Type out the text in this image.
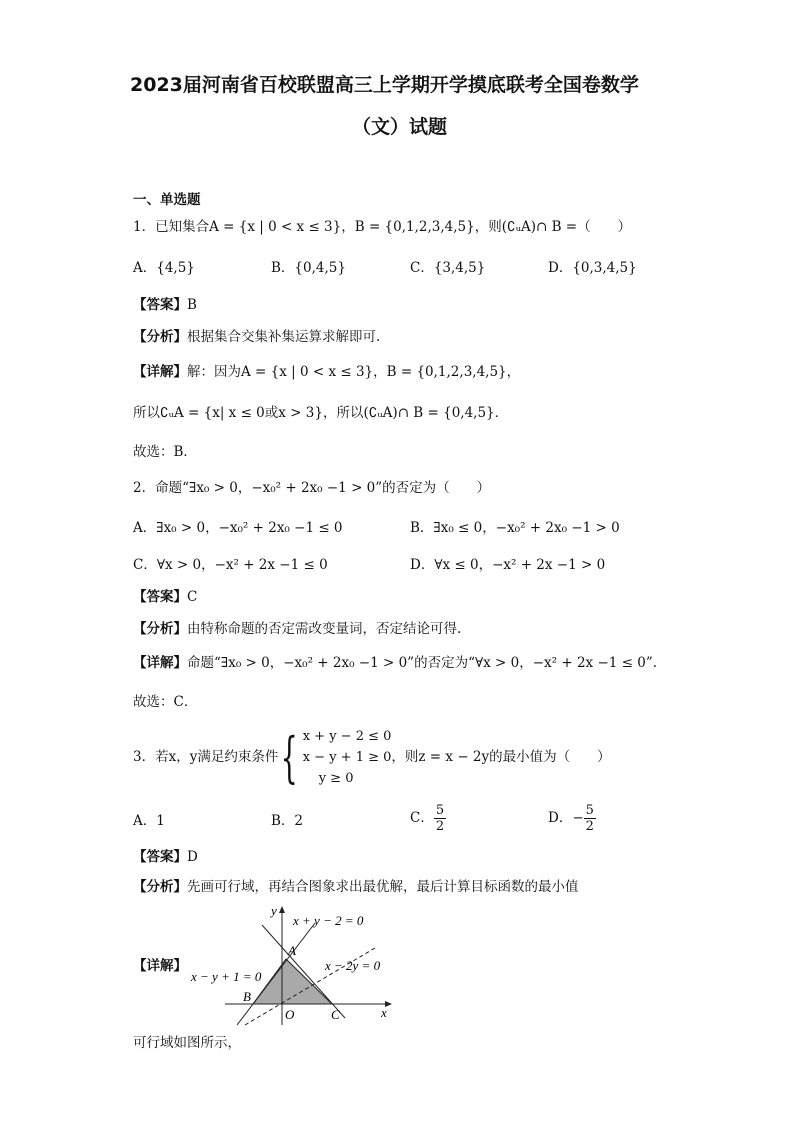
2023届河南省百校联盟高三上学期开学摸底联考全国卷数学
（文）试题
一、单选题
1．已知集合A = {x | 0 < x ≤ 3}，B = {0,1,2,3,4,5}，则(∁ᵤA)∩ B =（　　）
A．{4,5}	B．{0,4,5}	C．{3,4,5}	D．{0,3,4,5}
【答案】B
【分析】根据集合交集补集运算求解即可.
【详解】解：因为A = {x | 0 < x ≤ 3}，B = {0,1,2,3,4,5}，
所以∁ᵤA = {x| x ≤ 0或x > 3}，所以(∁ᵤA)∩ B = {0,4,5}．
故选：B．
2．命题“∃x₀ > 0，−x₀² + 2x₀ −1 > 0”的否定为（　　）
A．∃x₀ > 0，−x₀² + 2x₀ −1 ≤ 0	B．∃x₀ ≤ 0，−x₀² + 2x₀ −1 > 0
C．∀x > 0，−x² + 2x −1 ≤ 0	D．∀x ≤ 0，−x² + 2x −1 > 0
【答案】C
【分析】由特称命题的否定需改变量词，否定结论可得.
【详解】命题“∃x₀ > 0，−x₀² + 2x₀ −1 > 0”的否定为“∀x > 0，−x² + 2x −1 ≤ 0”.
故选：C．
3．若x，y满足约束条件 { x + y − 2 ≤ 0
x − y + 1 ≥ 0
y ≥ 0
，则z = x − 2y的最小值为（　　）
A．1	B．2	C． $\frac{5}{2}$	D．− $\frac{5}{2}$
【答案】D
【分析】先画可行域，再结合图象求出最优解，最后计算目标函数的最小值
【详解】
y
x
x + y − 2 = 0
x − y + 1 = 0
x − 2y = 0
A
B
O	C
可行域如图所示，
